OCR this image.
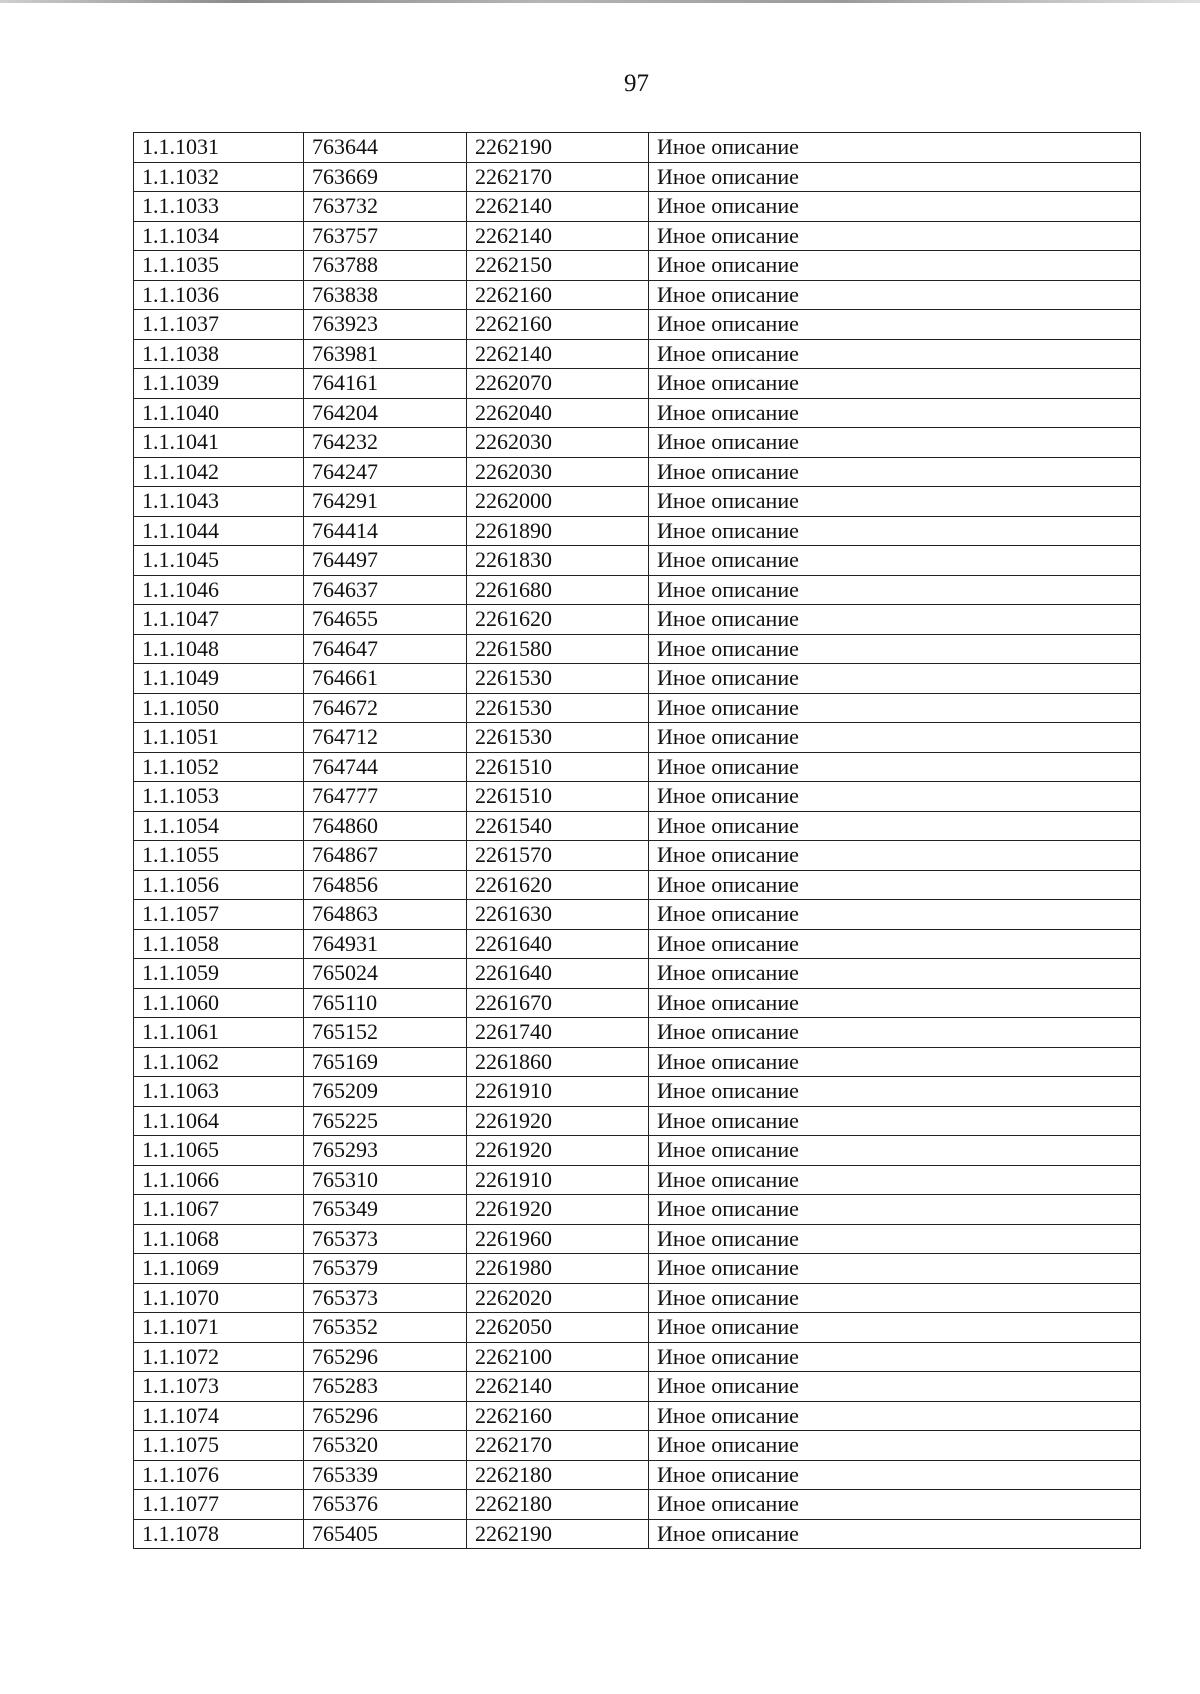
97
1.1.1031	763644	2262190	Иное описание
1.1.1032	763669	2262170	Иное описание
1.1.1033	763732	2262140	Иное описание
1.1.1034	763757	2262140	Иное описание
1.1.1035	763788	2262150	Иное описание
1.1.1036	763838	2262160	Иное описание
1.1.1037	763923	2262160	Иное описание
1.1.1038	763981	2262140	Иное описание
1.1.1039	764161	2262070	Иное описание
1.1.1040	764204	2262040	Иное описание
1.1.1041	764232	2262030	Иное описание
1.1.1042	764247	2262030	Иное описание
1.1.1043	764291	2262000	Иное описание
1.1.1044	764414	2261890	Иное описание
1.1.1045	764497	2261830	Иное описание
1.1.1046	764637	2261680	Иное описание
1.1.1047	764655	2261620	Иное описание
1.1.1048	764647	2261580	Иное описание
1.1.1049	764661	2261530	Иное описание
1.1.1050	764672	2261530	Иное описание
1.1.1051	764712	2261530	Иное описание
1.1.1052	764744	2261510	Иное описание
1.1.1053	764777	2261510	Иное описание
1.1.1054	764860	2261540	Иное описание
1.1.1055	764867	2261570	Иное описание
1.1.1056	764856	2261620	Иное описание
1.1.1057	764863	2261630	Иное описание
1.1.1058	764931	2261640	Иное описание
1.1.1059	765024	2261640	Иное описание
1.1.1060	765110	2261670	Иное описание
1.1.1061	765152	2261740	Иное описание
1.1.1062	765169	2261860	Иное описание
1.1.1063	765209	2261910	Иное описание
1.1.1064	765225	2261920	Иное описание
1.1.1065	765293	2261920	Иное описание
1.1.1066	765310	2261910	Иное описание
1.1.1067	765349	2261920	Иное описание
1.1.1068	765373	2261960	Иное описание
1.1.1069	765379	2261980	Иное описание
1.1.1070	765373	2262020	Иное описание
1.1.1071	765352	2262050	Иное описание
1.1.1072	765296	2262100	Иное описание
1.1.1073	765283	2262140	Иное описание
1.1.1074	765296	2262160	Иное описание
1.1.1075	765320	2262170	Иное описание
1.1.1076	765339	2262180	Иное описание
1.1.1077	765376	2262180	Иное описание
1.1.1078	765405	2262190	Иное описание
